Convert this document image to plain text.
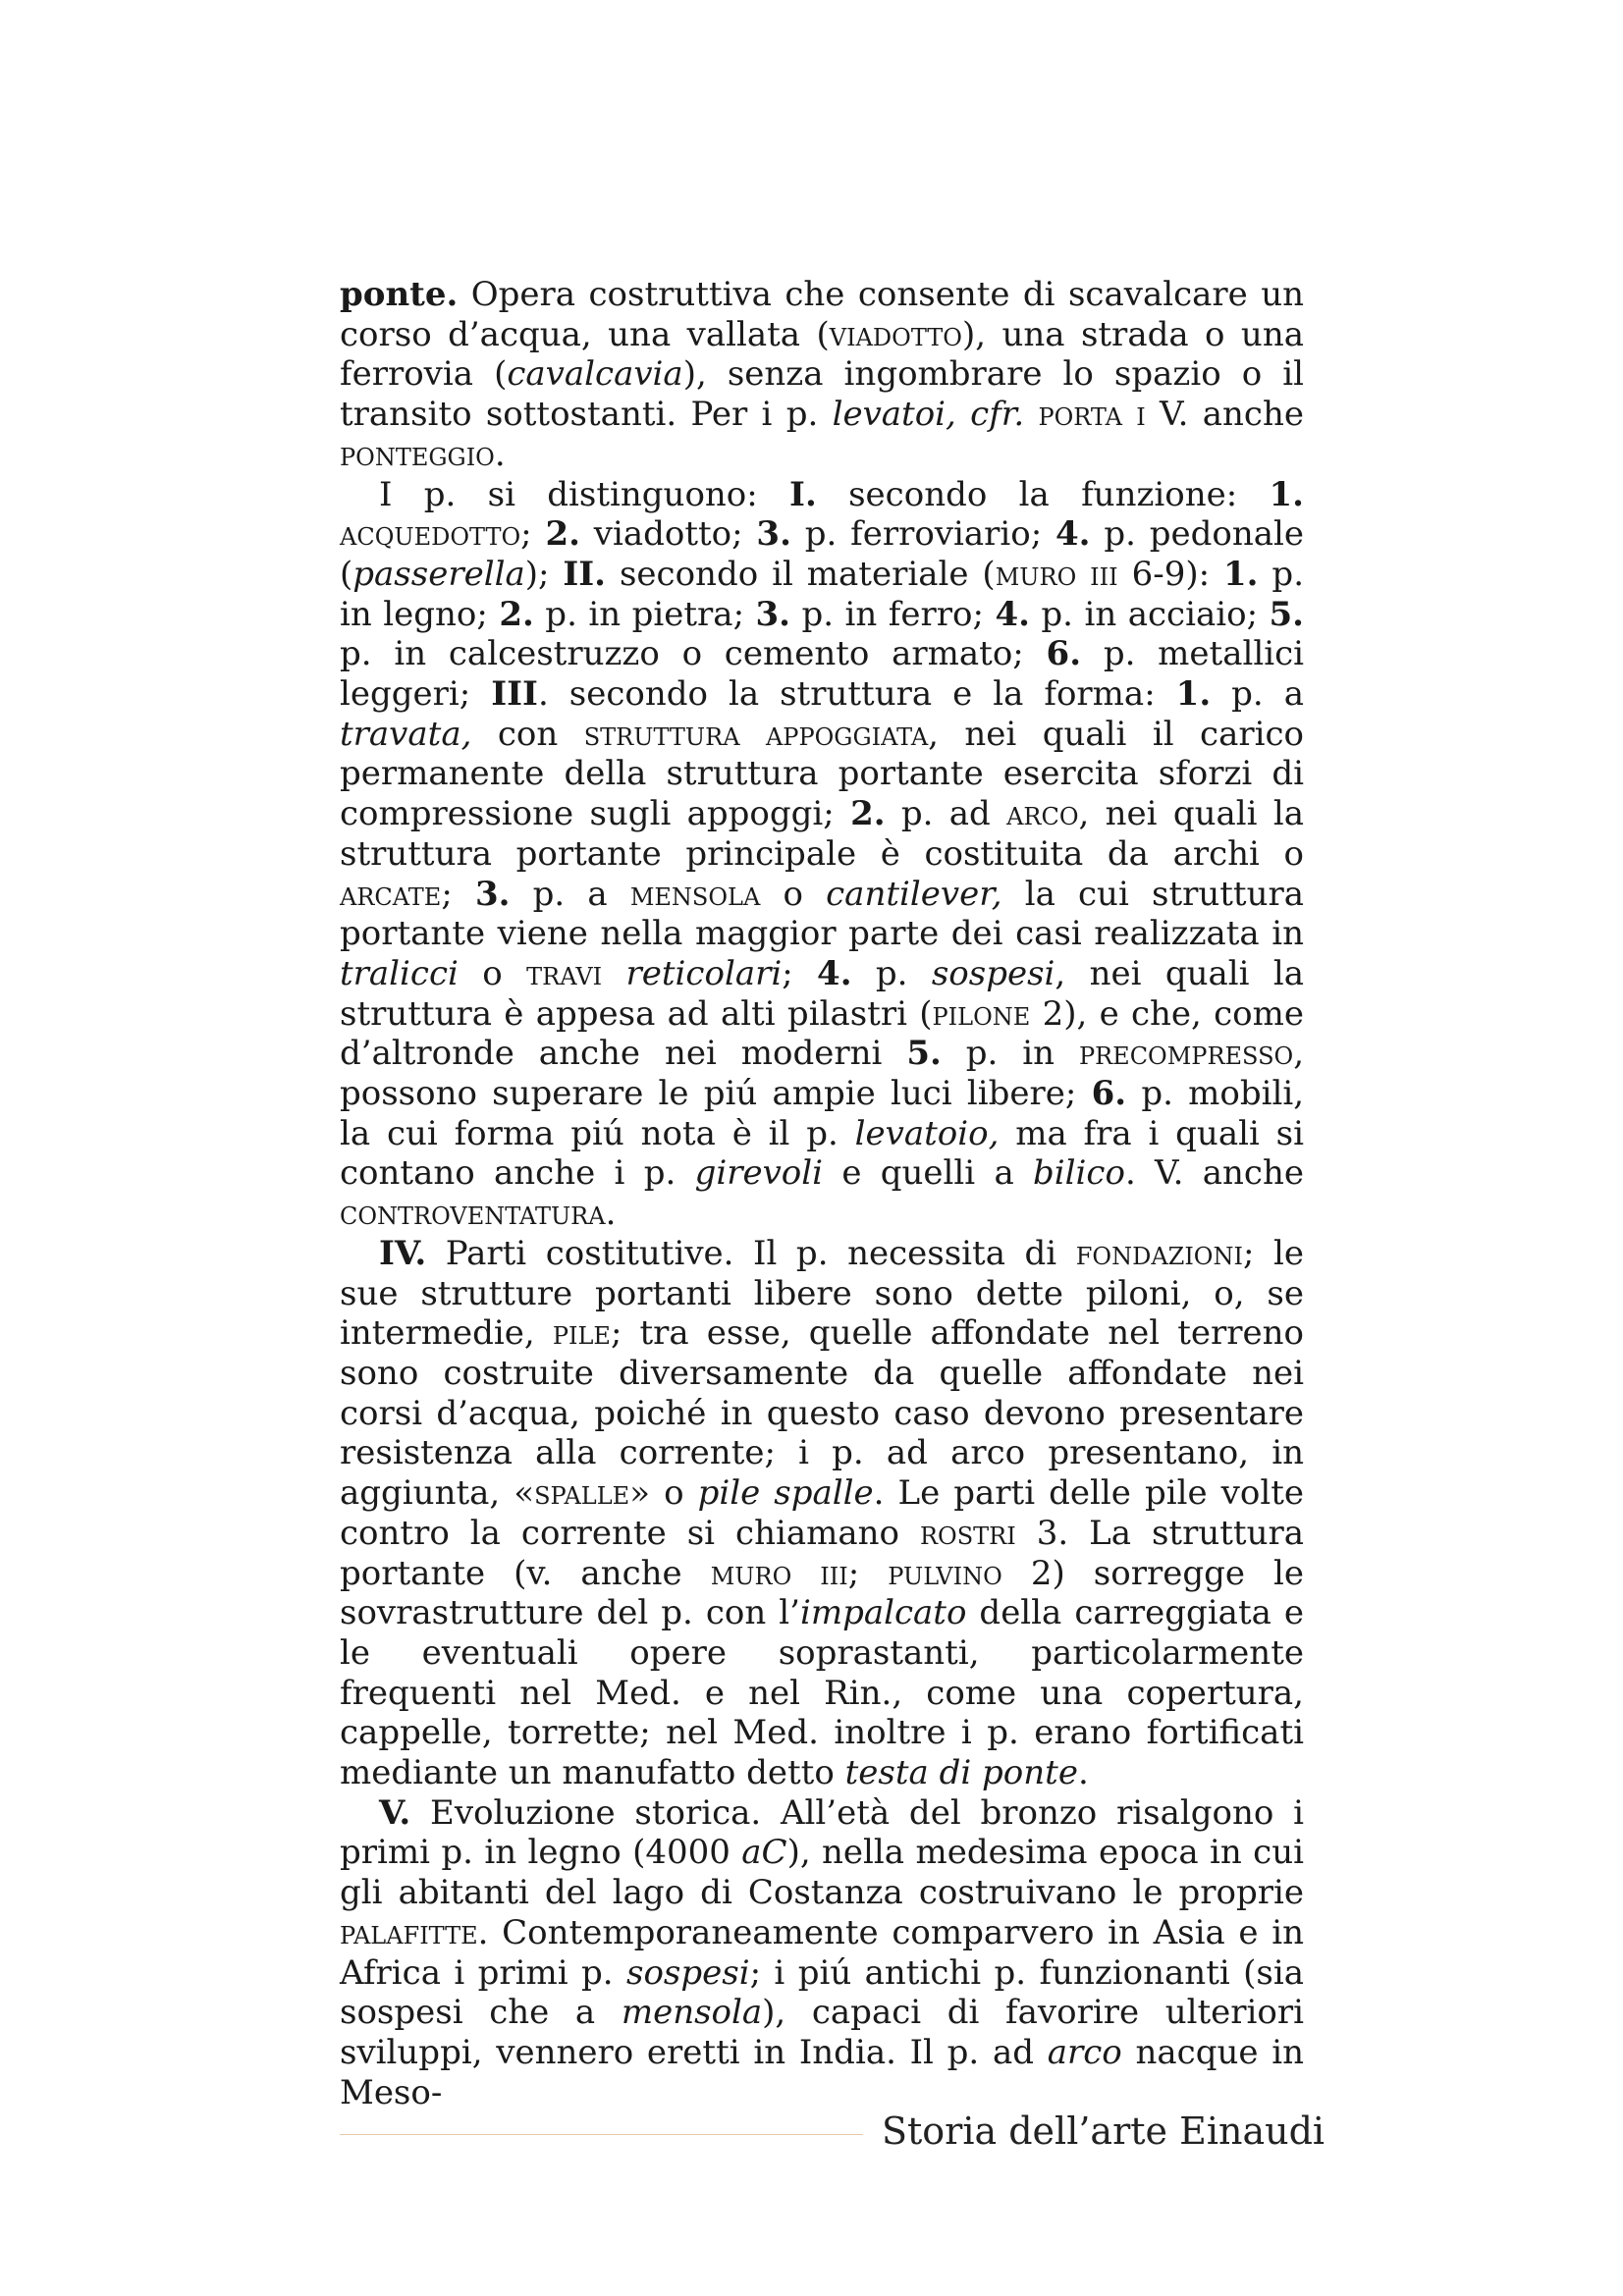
ponte. Opera costruttiva che consente di scavalcare un corso d’acqua, una vallata (viadotto), una strada o una ferrovia (cavalcavia), senza ingombrare lo spazio o il transito sottostanti. Per i p. levatoi, cfr. porta i V. anche ponteggio.

I p. si distinguono: I. secondo la funzione: 1. acquedotto; 2. viadotto; 3. p. ferroviario; 4. p. pedonale (passerella); II. secondo il materiale (muro iii 6-9): 1. p. in legno; 2. p. in pietra; 3. p. in ferro; 4. p. in acciaio; 5. p. in calcestruzzo o cemento armato; 6. p. metallici leggeri; III. secondo la struttura e la forma: 1. p. a travata, con struttura appoggiata, nei quali il carico permanente della struttura portante esercita sforzi di compressione sugli appoggi; 2. p. ad arco, nei quali la struttura portante principale è costituita da archi o arcate; 3. p. a mensola o cantilever, la cui struttura portante viene nella maggior parte dei casi realizzata in tralicci o travi reticolari; 4. p. sospesi, nei quali la struttura è appesa ad alti pilastri (pilone 2), e che, come d’altronde anche nei moderni 5. p. in precompresso, possono superare le piú ampie luci libere; 6. p. mobili, la cui forma piú nota è il p. levatoio, ma fra i quali si contano anche i p. girevoli e quelli a bilico. V. anche controventatura.

IV. Parti costitutive. Il p. necessita di fondazioni; le sue strutture portanti libere sono dette piloni, o, se intermedie, pile; tra esse, quelle affondate nel terreno sono costruite diversamente da quelle affondate nei corsi d’acqua, poiché in questo caso devono presentare resistenza alla corrente; i p. ad arco presentano, in aggiunta, «spalle» o pile spalle. Le parti delle pile volte contro la corrente si chiamano rostri 3. La struttura portante (v. anche muro iii; pulvino 2) sorregge le sovrastrutture del p. con l’impalcato della carreggiata e le eventuali opere soprastanti, particolarmente frequenti nel Med. e nel Rin., come una copertura, cappelle, torrette; nel Med. inoltre i p. erano fortificati mediante un manufatto detto testa di ponte.

V. Evoluzione storica. All’età del bronzo risalgono i primi p. in legno (4000 aC), nella medesima epoca in cui gli abitanti del lago di Costanza costruivano le proprie palafitte. Contemporaneamente comparvero in Asia e in Africa i primi p. sospesi; i piú antichi p. funzionanti (sia sospesi che a mensola), capaci di favorire ulteriori sviluppi, vennero eretti in India. Il p. ad arco nacque in Meso-

Storia dell’arte Einaudi
